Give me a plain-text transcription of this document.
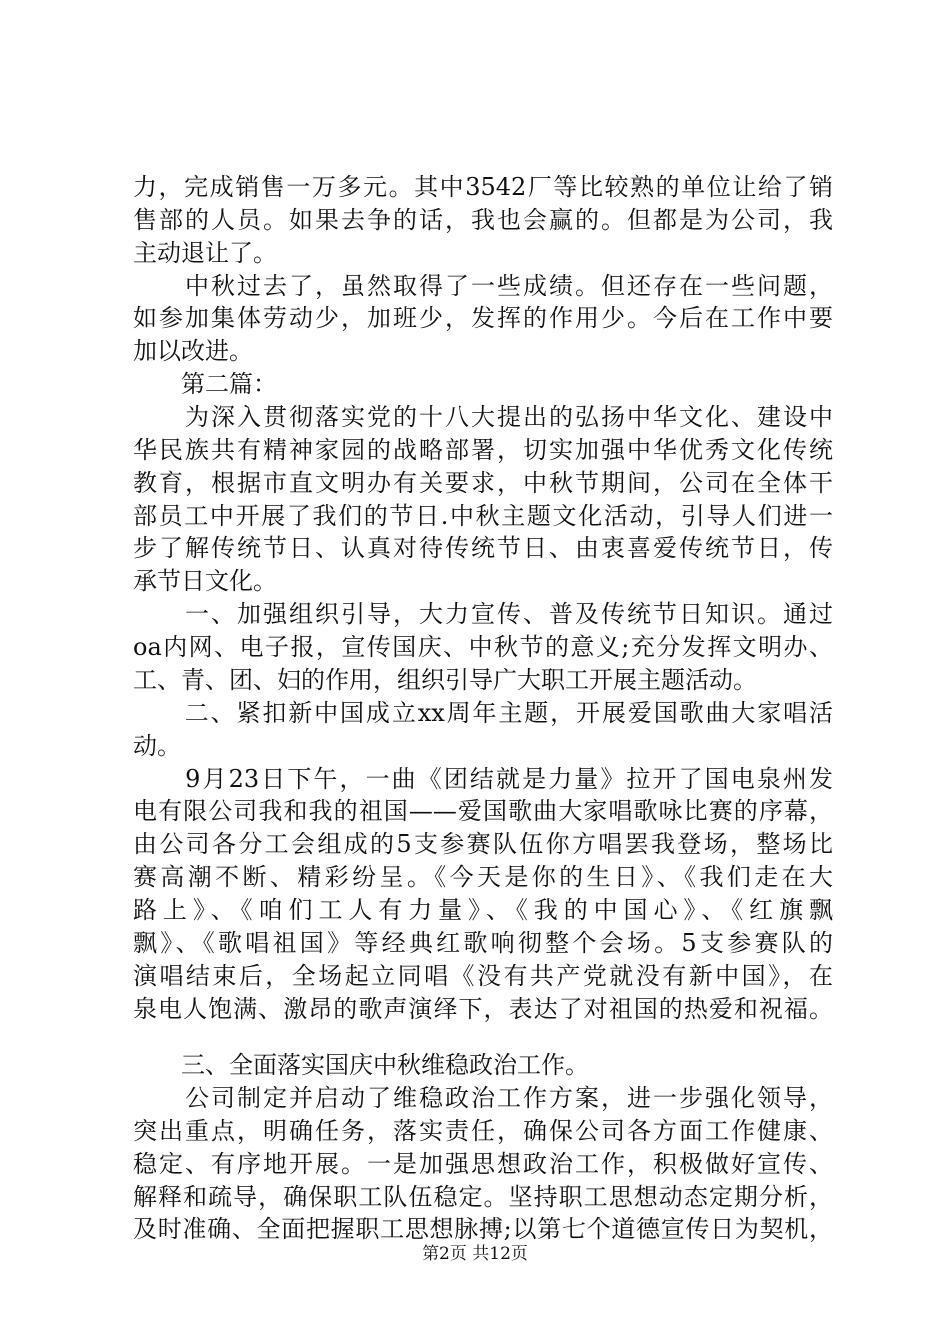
力，完成销售一万多元。其中3542厂等比较熟的单位让给了销
售部的人员。如果去争的话，我也会赢的。但都是为公司，我
主动退让了。
　　中秋过去了，虽然取得了一些成绩。但还存在一些问题，
如参加集体劳动少，加班少，发挥的作用少。今后在工作中要
加以改进。
　　第二篇：
　　为深入贯彻落实党的十八大提出的弘扬中华文化、建设中
华民族共有精神家园的战略部署，切实加强中华优秀文化传统
教育，根据市直文明办有关要求，中秋节期间，公司在全体干
部员工中开展了我们的节日.中秋主题文化活动，引导人们进一
步了解传统节日、认真对待传统节日、由衷喜爱传统节日，传
承节日文化。
　　一、加强组织引导，大力宣传、普及传统节日知识。通过
oa内网、电子报，宣传国庆、中秋节的意义;充分发挥文明办、
工、青、团、妇的作用，组织引导广大职工开展主题活动。
　　二、紧扣新中国成立xx周年主题，开展爱国歌曲大家唱活
动。
　　9月23日下午，一曲《团结就是力量》拉开了国电泉州发
电有限公司我和我的祖国——爱国歌曲大家唱歌咏比赛的序幕，
由公司各分工会组成的5支参赛队伍你方唱罢我登场，整场比
赛高潮不断、精彩纷呈。《今天是你的生日》、《我们走在大
路上》、《咱们工人有力量》、《我的中国心》、《红旗飘
飘》、《歌唱祖国》等经典红歌响彻整个会场。5支参赛队的
演唱结束后，全场起立同唱《没有共产党就没有新中国》，在
泉电人饱满、激昂的歌声演绎下，表达了对祖国的热爱和祝福。
　　三、全面落实国庆中秋维稳政治工作。
　　公司制定并启动了维稳政治工作方案，进一步强化领导，
突出重点，明确任务，落实责任，确保公司各方面工作健康、
稳定、有序地开展。一是加强思想政治工作，积极做好宣传、
解释和疏导，确保职工队伍稳定。坚持职工思想动态定期分析，
及时准确、全面把握职工思想脉搏;以第七个道德宣传日为契机，
第2页 共12页
